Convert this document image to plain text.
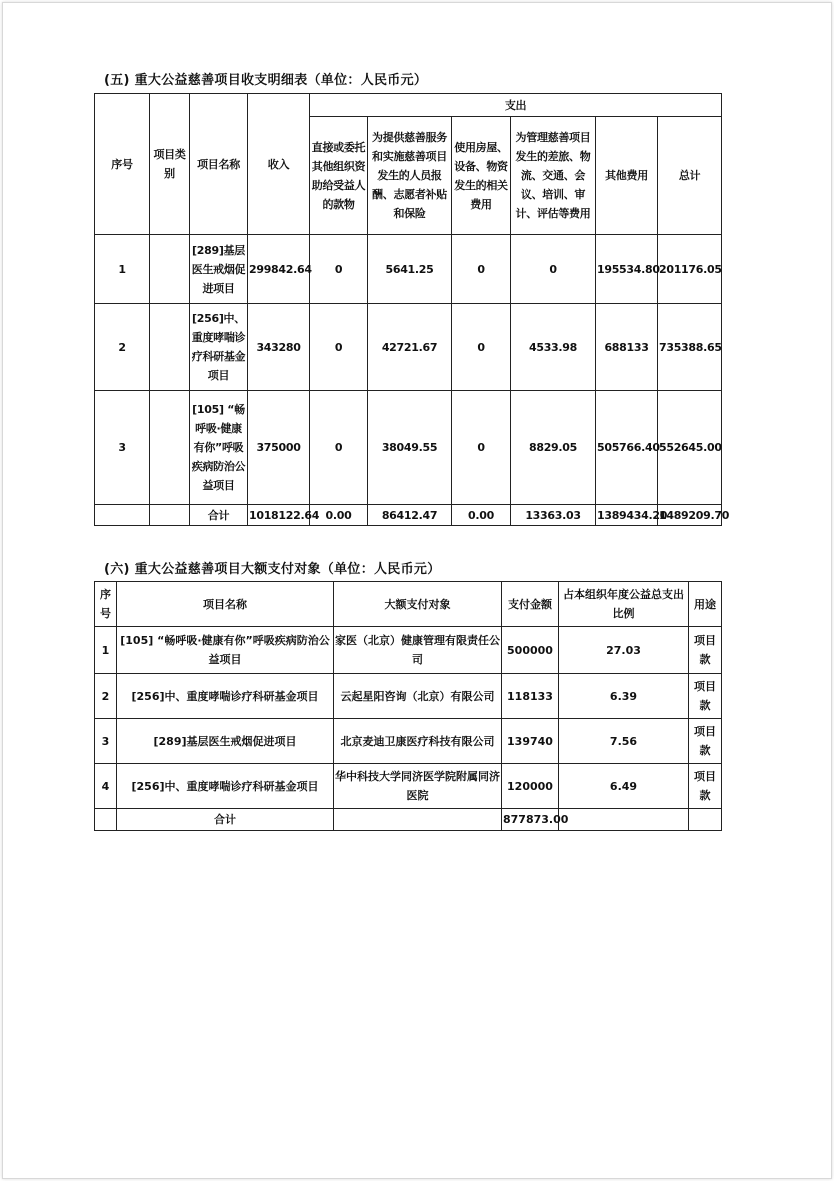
(五) 重大公益慈善项目收支明细表（单位：人民币元）
序号	项目类别	项目名称	收入	支出					
				直接或委托其他组织资助给受益人的款物	为提供慈善服务和实施慈善项目发生的人员报酬、志愿者补贴和保险	使用房屋、设备、物资发生的相关费用	为管理慈善项目发生的差旅、物流、交通、会议、培训、审计、评估等费用	其他费用	总计
1		[289]基层医生戒烟促进项目	299842.64	0	5641.25	0	0	195534.80	201176.05
2		[256]中、重度哮喘诊疗科研基金项目	343280	0	42721.67	0	4533.98	688133	735388.65
3		[105] “畅呼吸·健康有你”呼吸疾病防治公益项目	375000	0	38049.55	0	8829.05	505766.40	552645.00
		合计	1018122.64	0.00	86412.47	0.00	13363.03	1389434.20	1489209.70
(六) 重大公益慈善项目大额支付对象（单位：人民币元）
序号	项目名称	大额支付对象	支付金额	占本组织年度公益总支出比例	用途
1	[105] “畅呼吸·健康有你”呼吸疾病防治公益项目	家医（北京）健康管理有限责任公司	500000	27.03	项目款
2	[256]中、重度哮喘诊疗科研基金项目	云起星阳咨询（北京）有限公司	118133	6.39	项目款
3	[289]基层医生戒烟促进项目	北京麦迪卫康医疗科技有限公司	139740	7.56	项目款
4	[256]中、重度哮喘诊疗科研基金项目	华中科技大学同济医学院附属同济医院	120000	6.49	项目款
	合计		877873.00		
